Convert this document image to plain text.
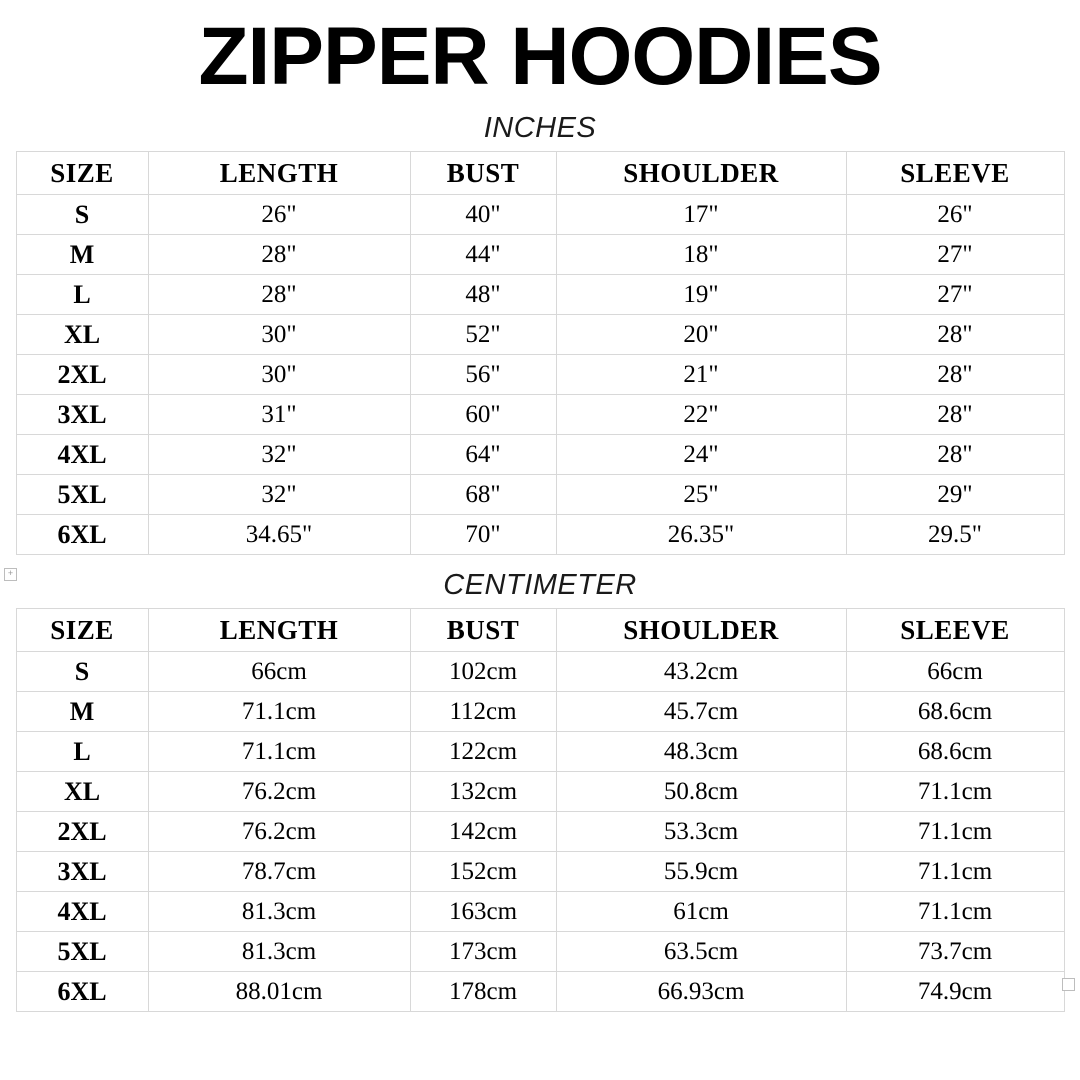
ZIPPER HOODIES
INCHES
SIZE	LENGTH	BUST	SHOULDER	SLEEVE
S	26"	40"	17"	26"
M	28"	44"	18"	27"
L	28"	48"	19"	27"
XL	30"	52"	20"	28"
2XL	30"	56"	21"	28"
3XL	31"	60"	22"	28"
4XL	32"	64"	24"	28"
5XL	32"	68"	25"	29"
6XL	34.65"	70"	26.35"	29.5"
CENTIMETER
SIZE	LENGTH	BUST	SHOULDER	SLEEVE
S	66cm	102cm	43.2cm	66cm
M	71.1cm	112cm	45.7cm	68.6cm
L	71.1cm	122cm	48.3cm	68.6cm
XL	76.2cm	132cm	50.8cm	71.1cm
2XL	76.2cm	142cm	53.3cm	71.1cm
3XL	78.7cm	152cm	55.9cm	71.1cm
4XL	81.3cm	163cm	61cm	71.1cm
5XL	81.3cm	173cm	63.5cm	73.7cm
6XL	88.01cm	178cm	66.93cm	74.9cm
+
